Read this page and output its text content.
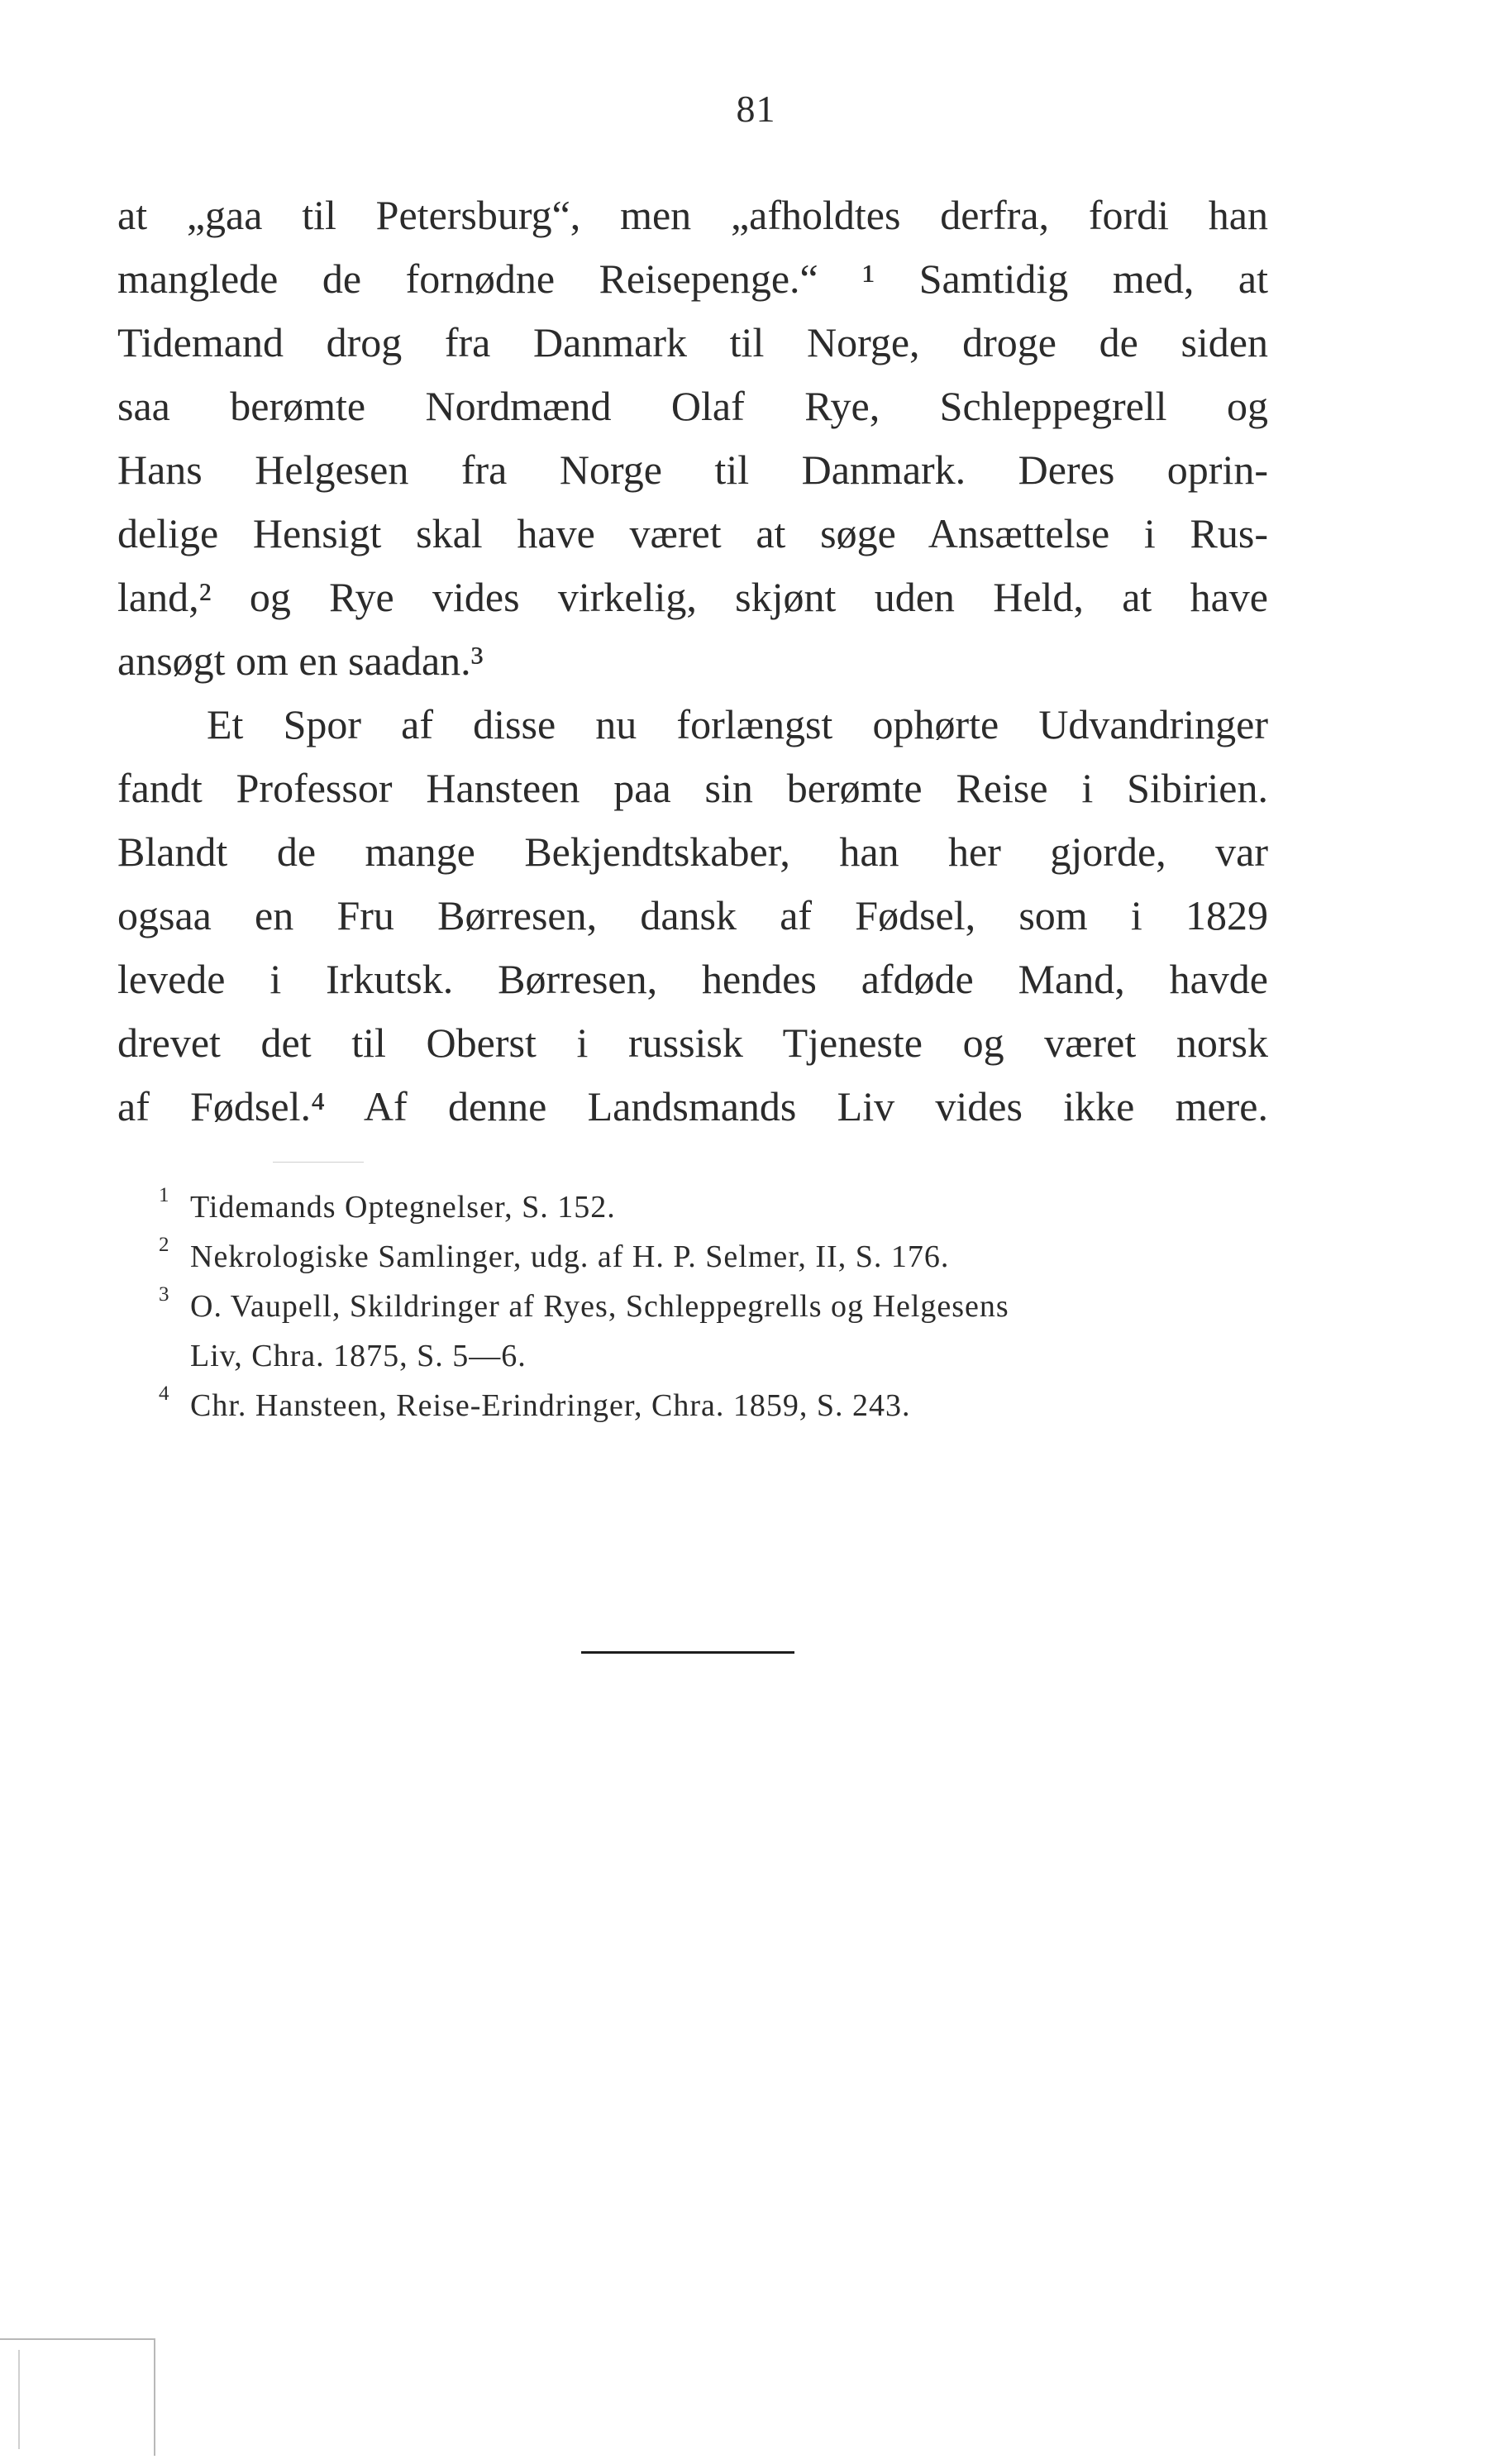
81
at „gaa til Petersburg“, men „afholdtes derfra, fordi han
manglede de fornødne Reisepenge.“ ¹ Samtidig med, at
Tidemand drog fra Danmark til Norge, droge de siden
saa berømte Nordmænd Olaf Rye, Schleppegrell og
Hans Helgesen fra Norge til Danmark. Deres oprin-
delige Hensigt skal have været at søge Ansættelse i Rus-
land,² og Rye vides virkelig, skjønt uden Held, at have
ansøgt om en saadan.³
Et Spor af disse nu forlængst ophørte Udvandringer
fandt Professor Hansteen paa sin berømte Reise i Sibirien.
Blandt de mange Bekjendtskaber, han her gjorde, var
ogsaa en Fru Børresen, dansk af Fødsel, som i 1829
levede i Irkutsk. Børresen, hendes afdøde Mand, havde
drevet det til Oberst i russisk Tjeneste og været norsk
af Fødsel.⁴ Af denne Landsmands Liv vides ikke mere.
1 Tidemands Optegnelser, S. 152.
2 Nekrologiske Samlinger, udg. af H. P. Selmer, II, S. 176.
3 O. Vaupell, Skildringer af Ryes, Schleppegrells og Helgesens
Liv, Chra. 1875, S. 5—6.
4 Chr. Hansteen, Reise-Erindringer, Chra. 1859, S. 243.
